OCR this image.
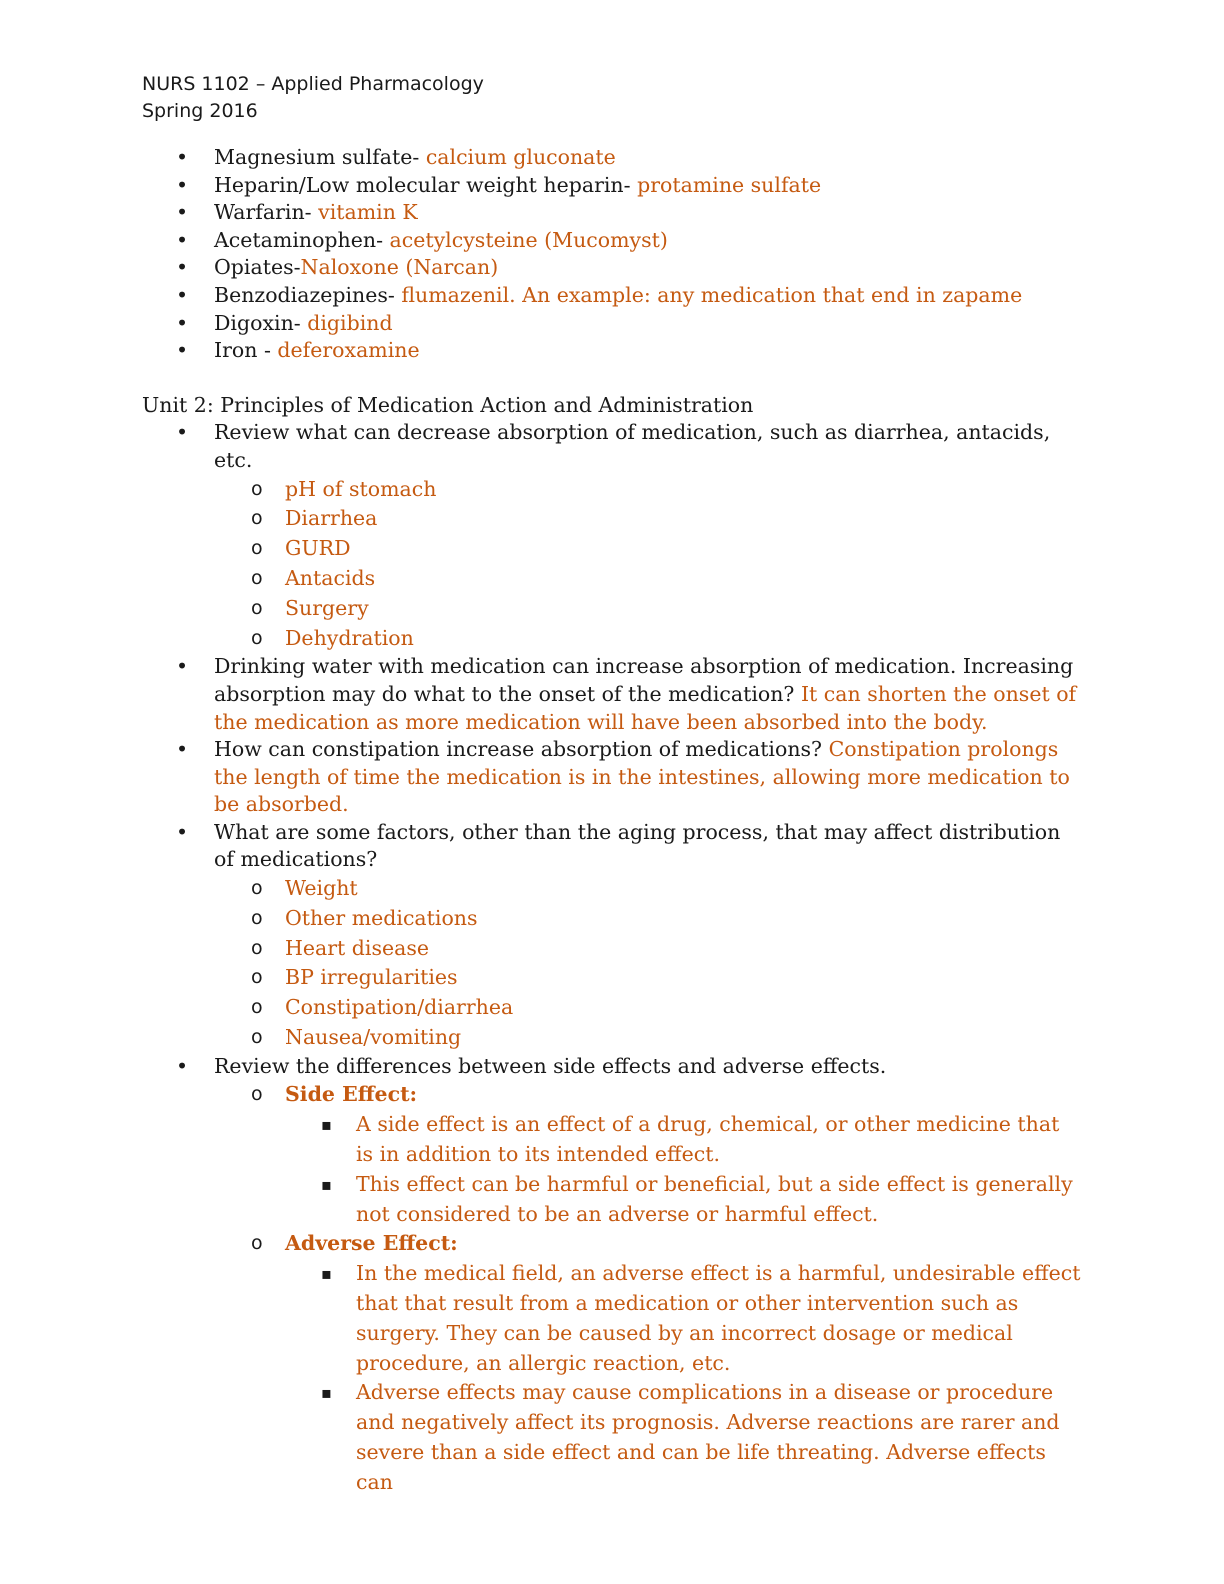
NURS 1102 – Applied Pharmacology
Spring 2016
• Magnesium sulfate- calcium gluconate
• Heparin/Low molecular weight heparin- protamine sulfate
• Warfarin- vitamin K
• Acetaminophen- acetylcysteine (Mucomyst)
• Opiates-Naloxone (Narcan)
• Benzodiazepines- flumazenil. An example: any medication that end in zapame
• Digoxin- digibind
• Iron - deferoxamine
Unit 2: Principles of Medication Action and Administration
• Review what can decrease absorption of medication, such as diarrhea, antacids, etc.
o pH of stomach
o Diarrhea
o GURD
o Antacids
o Surgery
o Dehydration
• Drinking water with medication can increase absorption of medication. Increasing absorption may do what to the onset of the medication? It can shorten the onset of the medication as more medication will have been absorbed into the body.
• How can constipation increase absorption of medications? Constipation prolongs the length of time the medication is in the intestines, allowing more medication to be absorbed.
• What are some factors, other than the aging process, that may affect distribution of medications?
o Weight
o Other medications
o Heart disease
o BP irregularities
o Constipation/diarrhea
o Nausea/vomiting
• Review the differences between side effects and adverse effects.
o Side Effect:
▪ A side effect is an effect of a drug, chemical, or other medicine that is in addition to its intended effect.
▪ This effect can be harmful or beneficial, but a side effect is generally not considered to be an adverse or harmful effect.
o Adverse Effect:
▪ In the medical field, an adverse effect is a harmful, undesirable effect that that result from a medication or other intervention such as surgery. They can be caused by an incorrect dosage or medical procedure, an allergic reaction, etc.
▪ Adverse effects may cause complications in a disease or procedure and negatively affect its prognosis. Adverse reactions are rarer and severe than a side effect and can be life threating. Adverse effects can
